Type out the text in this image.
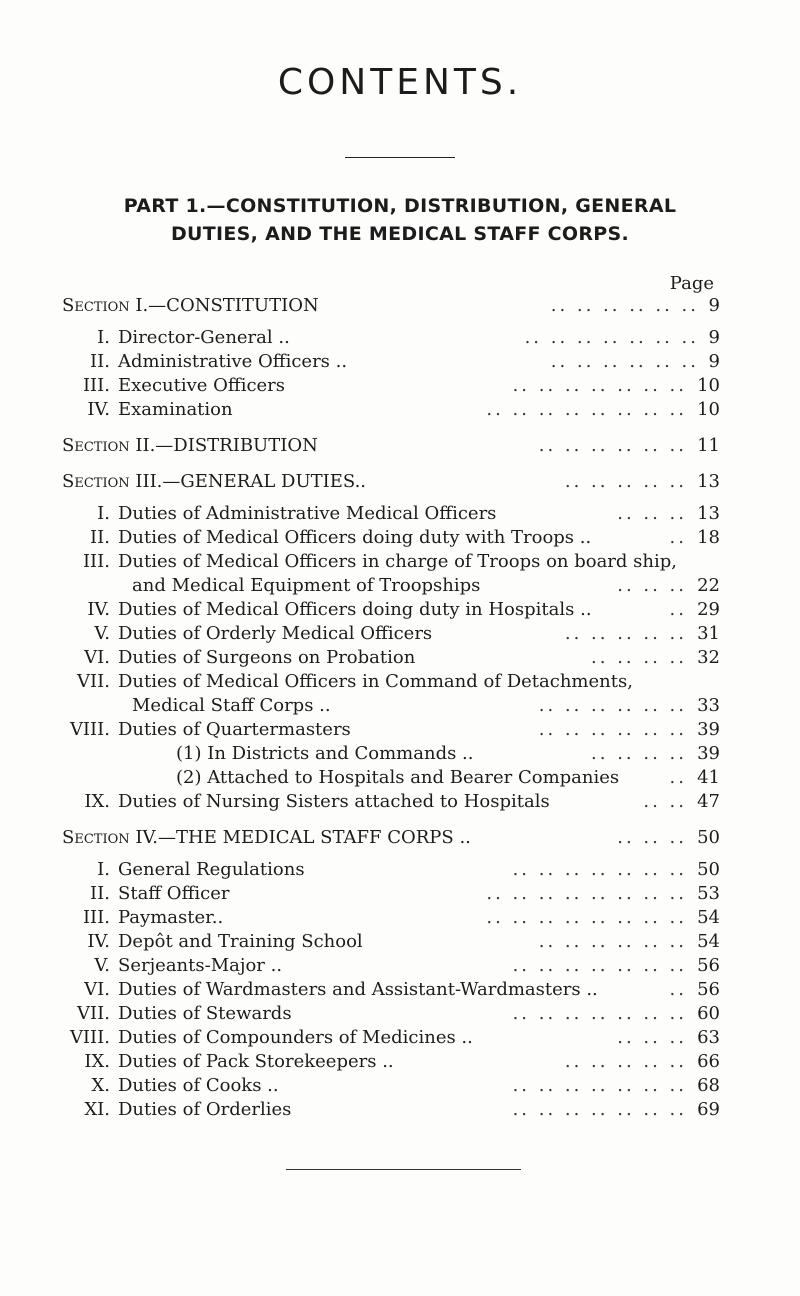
CONTENTS.
PART 1.—CONSTITUTION, DISTRIBUTION, GENERAL
DUTIES, AND THE MEDICAL STAFF CORPS.
Page
Section I.—CONSTITUTION	.. .. .. .. .. .. 9
I. Director-General ..	.. .. .. .. .. .. .. 9
II. Administrative Officers ..	.. .. .. .. .. .. 9
III. Executive Officers	.. .. .. .. .. .. .. 10
IV. Examination	.. .. .. .. .. .. .. .. 10
Section II.—DISTRIBUTION	.. .. .. .. .. .. 11
Section III.—GENERAL DUTIES..	.. .. .. .. .. 13
I. Duties of Administrative Medical Officers	.. .. .. 13
II. Duties of Medical Officers doing duty with Troops ..	.. 18
III. Duties of Medical Officers in charge of Troops on board ship,
and Medical Equipment of Troopships	.. .. .. 22
IV. Duties of Medical Officers doing duty in Hospitals ..	.. 29
V. Duties of Orderly Medical Officers	.. .. .. .. .. 31
VI. Duties of Surgeons on Probation	.. .. .. .. 32
VII. Duties of Medical Officers in Command of Detachments,
Medical Staff Corps ..	.. .. .. .. .. .. 33
VIII. Duties of Quartermasters	.. .. .. .. .. .. 39
(1) In Districts and Commands ..	.. .. .. .. 39
(2) Attached to Hospitals and Bearer Companies	.. 41
IX. Duties of Nursing Sisters attached to Hospitals	.. .. 47
Section IV.—THE MEDICAL STAFF CORPS ..	.. .. .. 50
I. General Regulations	.. .. .. .. .. .. .. 50
II. Staff Officer	.. .. .. .. .. .. .. .. 53
III. Paymaster..	.. .. .. .. .. .. .. .. 54
IV. Depôt and Training School	.. .. .. .. .. .. 54
V. Serjeants-Major ..	.. .. .. .. .. .. .. 56
VI. Duties of Wardmasters and Assistant-Wardmasters ..	.. 56
VII. Duties of Stewards	.. .. .. .. .. .. .. 60
VIII. Duties of Compounders of Medicines ..	.. .. .. 63
IX. Duties of Pack Storekeepers ..	.. .. .. .. .. 66
X. Duties of Cooks ..	.. .. .. .. .. .. .. 68
XI. Duties of Orderlies	.. .. .. .. .. .. .. 69
